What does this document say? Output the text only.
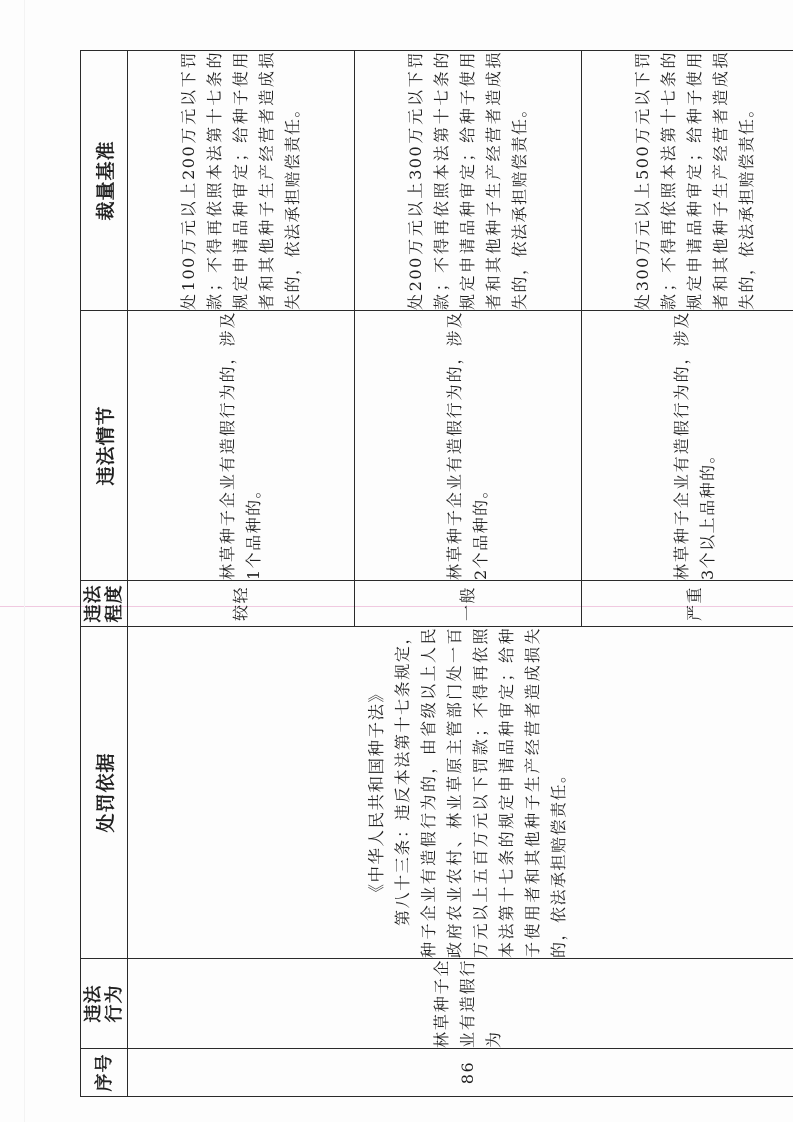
序号	违法行为	处罚依据	违法程度	违法情节	裁量基准
86	林草种子企业有造假行为	《中华人民共和国种子法》 第八十三条：违反本法第十七条规定，种子企业有造假行为的，由省级以上人民政府农业农村、林业草原主管部门处一百万元以上五百万元以下罚款；不得再依照本法第十七条的规定申请品种审定；给种子使用者和其他种子生产经营者造成损失的，依法承担赔偿责任。	较轻	林草种子企业有造假行为的，涉及1个品种的。	处100万元以上200万元以下罚款；不得再依照本法第十七条的规定申请品种审定；给种子使用者和其他种子生产经营者造成损失的，依法承担赔偿责任。
			一般	林草种子企业有造假行为的，涉及2个品种的。	处200万元以上300万元以下罚款；不得再依照本法第十七条的规定申请品种审定；给种子使用者和其他种子生产经营者造成损失的，依法承担赔偿责任。
			严重	林草种子企业有造假行为的，涉及3个以上品种的。	处300万元以上500万元以下罚款；不得再依照本法第十七条的规定申请品种审定；给种子使用者和其他种子生产经营者造成损失的，依法承担赔偿责任。
